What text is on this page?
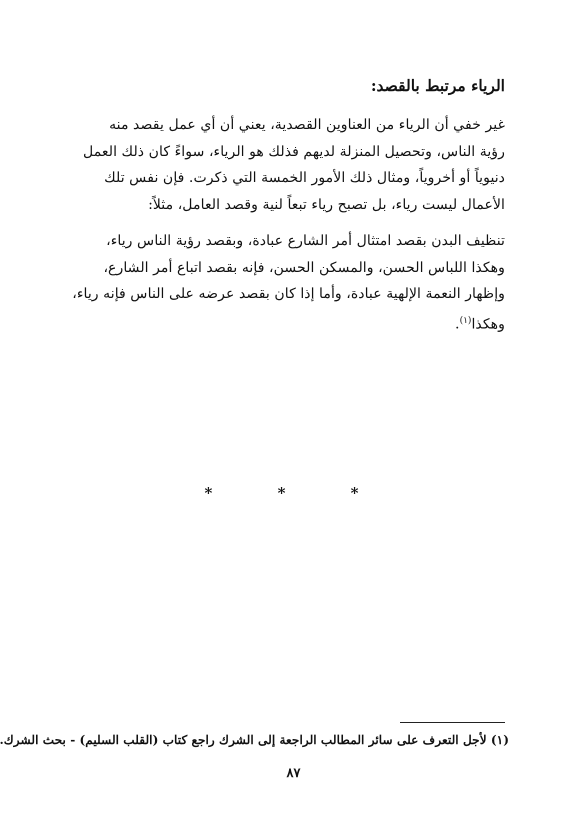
الرياء مرتبط بالقصد:
غير خفي أن الرياء من العناوين القصدية، يعني أن أي عمل يقصد منه
رؤية الناس، وتحصيل المنزلة لديهم فذلك هو الرياء، سواءً كان ذلك العمل
دنيوياً أو أخروياً، ومثال ذلك الأمور الخمسة التي ذكرت. فإن نفس تلك
الأعمال ليست رياء، بل تصبح رياء تبعاً لنية وقصد العامل، مثلاً:
تنظيف البدن بقصد امتثال أمر الشارع عبادة، وبقصد رؤية الناس رياء،
وهكذا اللباس الحسن، والمسكن الحسن، فإنه بقصد اتباع أمر الشارع،
وإظهار النعمة الإلهية عبادة، وأما إذا كان بقصد عرضه على الناس فإنه رياء،
وهكذا$^{(١)}$.
*	*	*
(١) لأجل التعرف على سائر المطالب الراجعة إلى الشرك راجع كتاب (القلب السليم) - بحث الشرك.
٨٧
